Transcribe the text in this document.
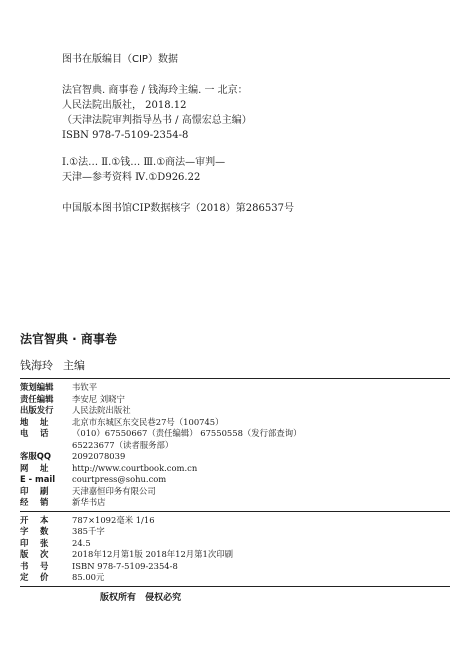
图书在版编目（CIP）数据
法官智典. 商事卷 / 钱海玲主编. 一 北京：
人民法院出版社， 2018.12
（天津法院审判指导丛书 / 高憬宏总主编）
ISBN 978-7-5109-2354-8
Ⅰ.①法… Ⅱ.①钱… Ⅲ.①商法—审判—
天津—参考资料 Ⅳ.①D926.22
中国版本图书馆CIP数据核字（2018）第286537号
法官智典 · 商事卷
钱海玲 主编
策划编辑	韦钦平
责任编辑	李安尼 刘晓宁
出版发行	人民法院出版社
地    址	北京市东城区东交民巷27号（100745）
电    话	（010）67550667（责任编辑） 67550558（发行部查询）
65223677（读者服务部）
客服QQ	2092078039
网    址	http://www.courtbook.com.cn
E - mail	courtpress@sohu.com
印    刷	天津嘉恒印务有限公司
经    销	新华书店
开    本	787×1092毫米 1/16
字    数	385千字
印    张	24.5
版    次	2018年12月第1版 2018年12月第1次印刷
书    号	ISBN 978-7-5109-2354-8
定    价	85.00元
版权所有 侵权必究
